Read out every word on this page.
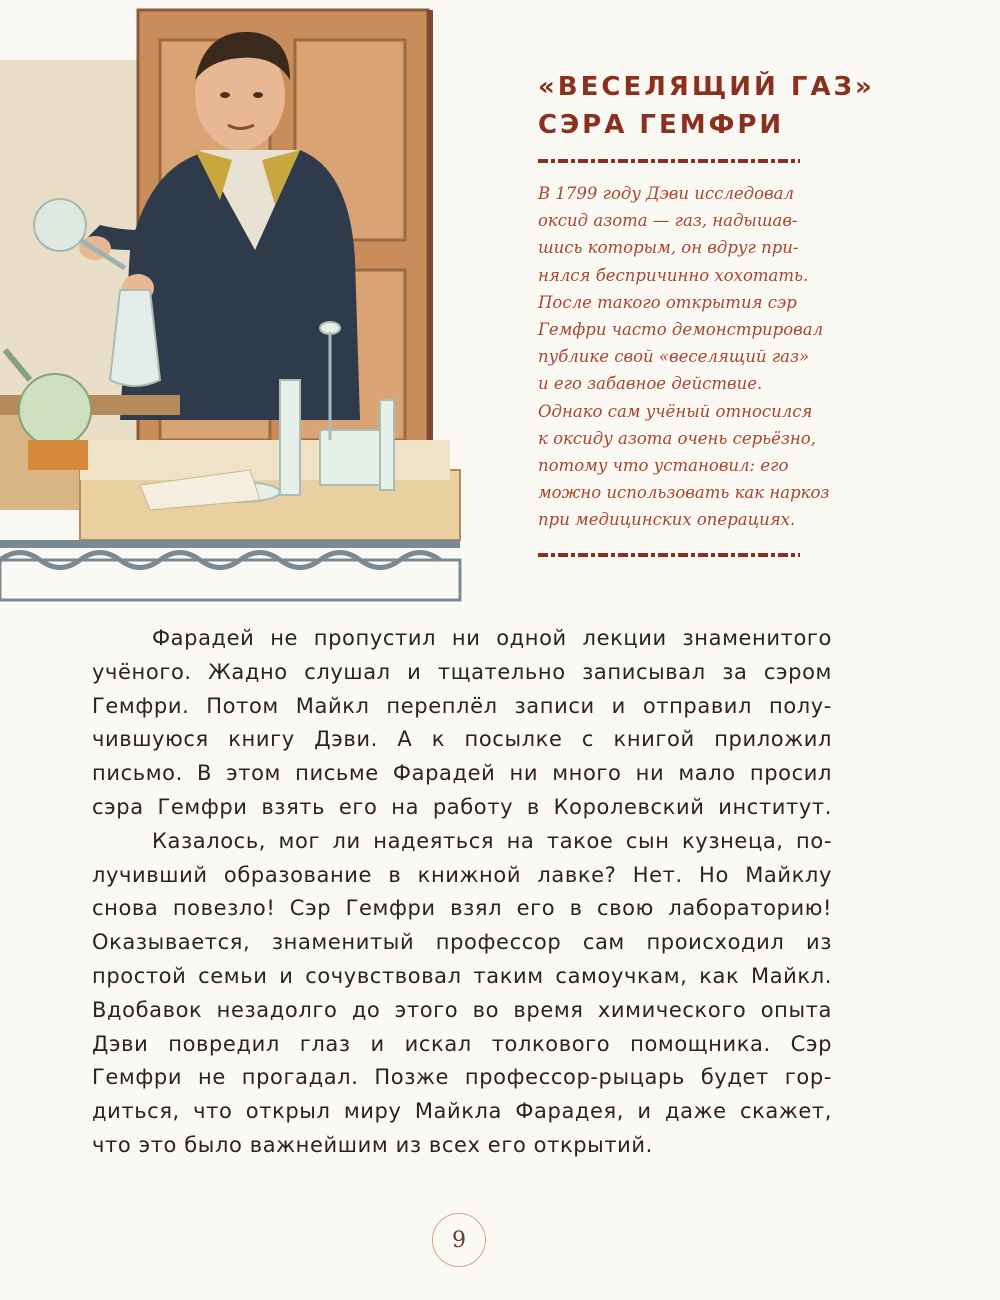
«ВЕСЕЛЯЩИЙ ГАЗ»
СЭРА ГЕМФРИ
В 1799 году Дэви исследовал
оксид азота — газ, надышав-
шись которым, он вдруг при-
нялся беспричинно хохотать.
После такого открытия сэр
Гемфри часто демонстрировал
публике свой «веселящий газ»
и его забавное действие.
Однако сам учёный относился
к оксиду азота очень серьёзно,
потому что установил: его
можно использовать как наркоз
при медицинских операциях.
Фарадей не пропустил ни одной лекции знаменитого
учёного. Жадно слушал и тщательно записывал за сэром
Гемфри. Потом Майкл переплёл записи и отправил полу-
чившуюся книгу Дэви. А к посылке с книгой приложил
письмо. В этом письме Фарадей ни много ни мало просил
сэра Гемфри взять его на работу в Королевский институт.
Казалось, мог ли надеяться на такое сын кузнеца, по-
лучивший образование в книжной лавке? Нет. Но Майклу
снова повезло! Сэр Гемфри взял его в свою лабораторию!
Оказывается, знаменитый профессор сам происходил из
простой семьи и сочувствовал таким самоучкам, как Майкл.
Вдобавок незадолго до этого во время химического опыта
Дэви повредил глаз и искал толкового помощника. Сэр
Гемфри не прогадал. Позже профессор-рыцарь будет гор-
диться, что открыл миру Майкла Фарадея, и даже скажет,
что это было важнейшим из всех его открытий.
9
